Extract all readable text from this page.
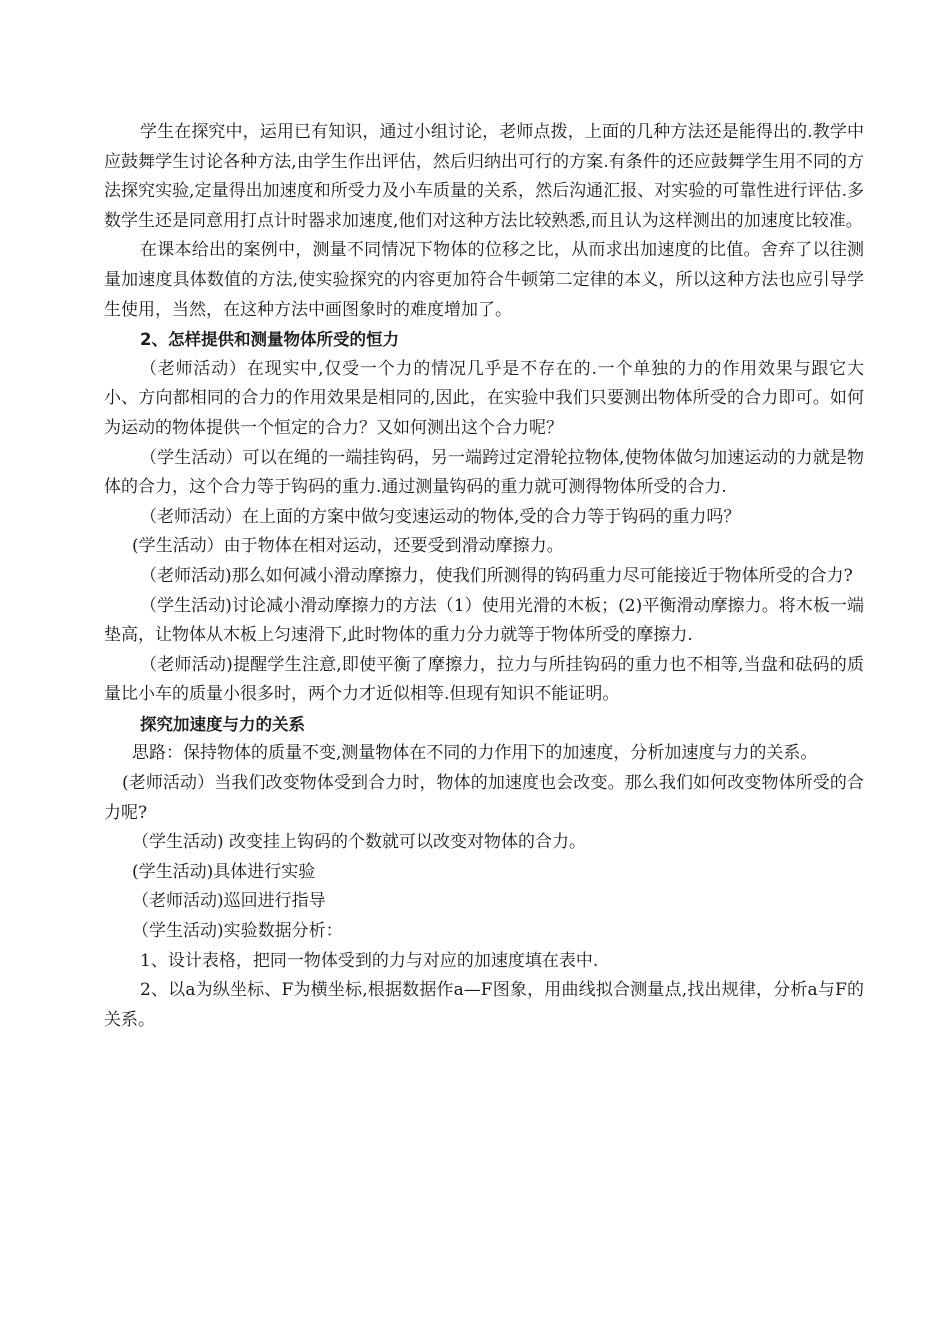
学生在探究中，运用已有知识，通过小组讨论，老师点拨，上面的几种方法还是能得出的.教学中应鼓舞学生讨论各种方法,由学生作出评估，然后归纳出可行的方案.有条件的还应鼓舞学生用不同的方法探究实验,定量得出加速度和所受力及小车质量的关系，然后沟通汇报、对实验的可靠性进行评估.多数学生还是同意用打点计时器求加速度,他们对这种方法比较熟悉,而且认为这样测出的加速度比较准。

在课本给出的案例中，测量不同情况下物体的位移之比，从而求出加速度的比值。舍弃了以往测量加速度具体数值的方法,使实验探究的内容更加符合牛顿第二定律的本义，所以这种方法也应引导学生使用，当然，在这种方法中画图象时的难度增加了。

2、怎样提供和测量物体所受的恒力

（老师活动）在现实中,仅受一个力的情况几乎是不存在的.一个单独的力的作用效果与跟它大小、方向都相同的合力的作用效果是相同的,因此，在实验中我们只要测出物体所受的合力即可。如何为运动的物体提供一个恒定的合力？又如何测出这个合力呢？

（学生活动）可以在绳的一端挂钩码，另一端跨过定滑轮拉物体,使物体做匀加速运动的力就是物体的合力，这个合力等于钩码的重力.通过测量钩码的重力就可测得物体所受的合力.

（老师活动）在上面的方案中做匀变速运动的物体,受的合力等于钩码的重力吗？

(学生活动）由于物体在相对运动，还要受到滑动摩擦力。

（老师活动)那么如何减小滑动摩擦力，使我们所测得的钩码重力尽可能接近于物体所受的合力?

（学生活动)讨论减小滑动摩擦力的方法（1）使用光滑的木板；(2)平衡滑动摩擦力。将木板一端垫高，让物体从木板上匀速滑下,此时物体的重力分力就等于物体所受的摩擦力.

（老师活动)提醒学生注意,即使平衡了摩擦力，拉力与所挂钩码的重力也不相等,当盘和砝码的质量比小车的质量小很多时，两个力才近似相等.但现有知识不能证明。

探究加速度与力的关系

思路：保持物体的质量不变,测量物体在不同的力作用下的加速度，分析加速度与力的关系。

(老师活动）当我们改变物体受到合力时，物体的加速度也会改变。那么我们如何改变物体所受的合力呢?

（学生活动) 改变挂上钩码的个数就可以改变对物体的合力。

(学生活动)具体进行实验

（老师活动)巡回进行指导

（学生活动)实验数据分析：

1、设计表格，把同一物体受到的力与对应的加速度填在表中.

2、以a为纵坐标、F为横坐标,根据数据作a—F图象，用曲线拟合测量点,找出规律，分析a与F的关系。
